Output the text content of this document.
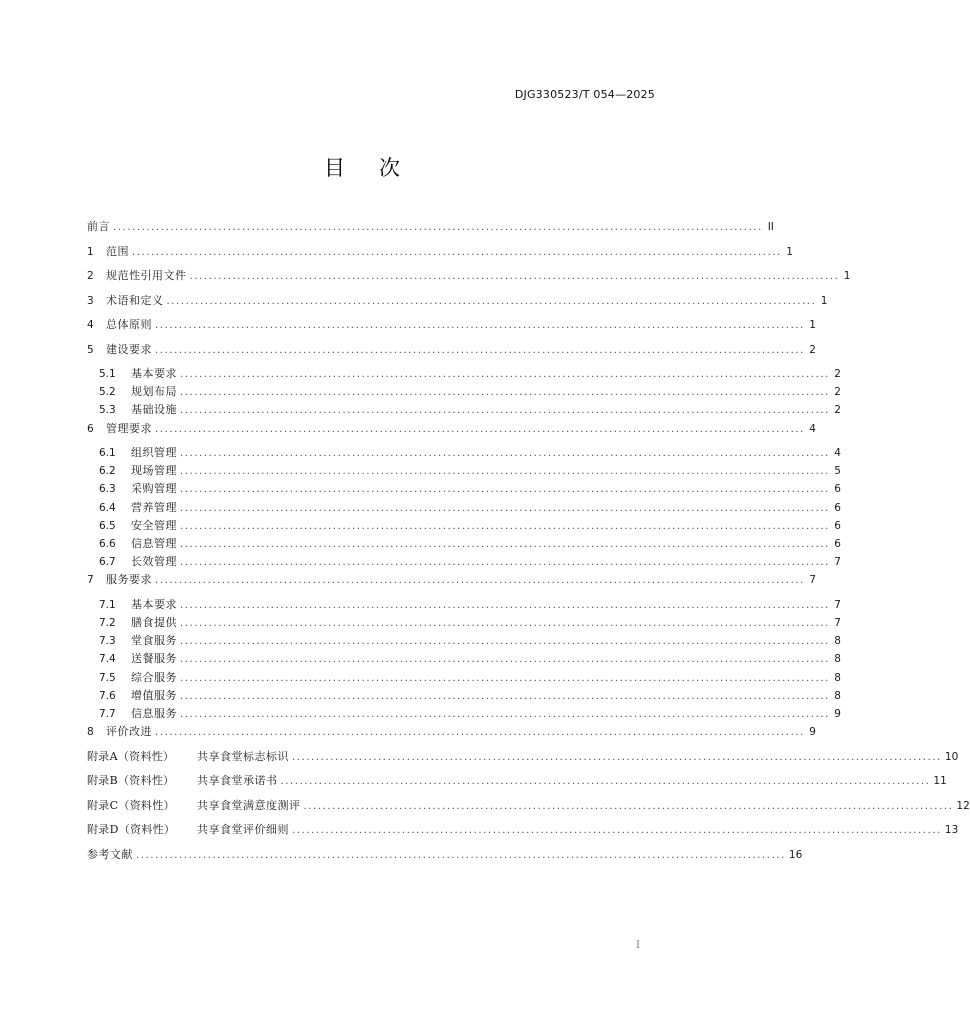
DJG330523/T 054—2025
目次
前言 ........................................................................................................................................ II
1	范围 ........................................................................................................................................ 1
2	规范性引用文件 ........................................................................................................................................ 1
3	术语和定义 ........................................................................................................................................ 1
4	总体原则 ........................................................................................................................................ 1
5	建设要求 ........................................................................................................................................ 2
5.1	基本要求 ........................................................................................................................................ 2
5.2	规划布局 ........................................................................................................................................ 2
5.3	基础设施 ........................................................................................................................................ 2
6	管理要求 ........................................................................................................................................ 4
6.1	组织管理 ........................................................................................................................................ 4
6.2	现场管理 ........................................................................................................................................ 5
6.3	采购管理 ........................................................................................................................................ 6
6.4	营养管理 ........................................................................................................................................ 6
6.5	安全管理 ........................................................................................................................................ 6
6.6	信息管理 ........................................................................................................................................ 6
6.7	长效管理 ........................................................................................................................................ 7
7	服务要求 ........................................................................................................................................ 7
7.1	基本要求 ........................................................................................................................................ 7
7.2	膳食提供 ........................................................................................................................................ 7
7.3	堂食服务 ........................................................................................................................................ 8
7.4	送餐服务 ........................................................................................................................................ 8
7.5	综合服务 ........................................................................................................................................ 8
7.6	增值服务 ........................................................................................................................................ 8
7.7	信息服务 ........................................................................................................................................ 9
8	评价改进 ........................................................................................................................................ 9
附录A（资料性）	共享食堂标志标识 ........................................................................................................................................ 10
附录B（资料性）	共享食堂承诺书 ........................................................................................................................................ 11
附录C（资料性）	共享食堂满意度测评 ........................................................................................................................................ 12
附录D（资料性）	共享食堂评价细则 ........................................................................................................................................ 13
参考文献 ........................................................................................................................................ 16
I
